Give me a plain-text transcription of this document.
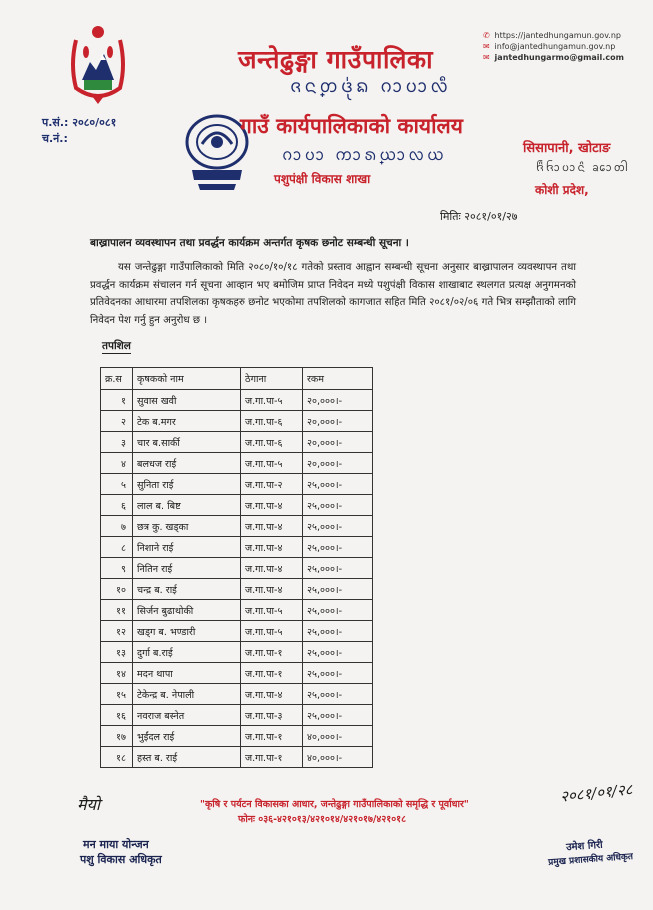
जन्तेढुङ्गा गाउँपालिका
ᨩᨶ᩠ᨲᨴᩩ᩵ᨦ ᨣᩣᨷᩣᩃᩥ
गाउँ कार्यपालिकाको कार्यालय
ᨣᩣᨷᩣ ᨠᩣᩁ᩠ᨿᩣᩃᨿ
पशुपंक्षी विकास शाखा
✆ https://jantedhungamun.gov.np
✉ info@jantedhungamun.gov.np
✉ jantedhungarmo@gmail.com
सिसापानी, खोटाङ
ᨪᩦᨪᩣᨷᩣᨶᩦ ᨡᩮᩣᨲᩤ
कोशी प्रदेश,
प.सं.: २०८०/०८१
च.नं.:
मितिः २०८१/०१/२७
बाख्रापालन व्यवस्थापन तथा प्रवर्द्धन कार्यक्रम अन्तर्गत कृषक छनोट सम्बन्धी सूचना ।
यस जन्तेढुङ्गा गाउँपालिकाको मिति २०८०/१०/१८ गतेको प्रस्ताव आह्वान सम्बन्धी सूचना अनुसार बाख्रापालन व्यवस्थापन तथा प्रवर्द्धन कार्यक्रम संचालन गर्न सूचना आव्हान भए बमोजिम प्राप्त निवेदन मध्ये पशुपंक्षी विकास शाखाबाट स्थलगत प्रत्यक्ष अनुगमनको प्रतिवेदनका आधारमा तपशिलका कृषकहरु छनोट भएकोमा तपशिलको कागजात सहित मिति २०८१/०२/०६ गते भित्र सम्झौताको लागि निवेदन पेश गर्नु हुन अनुरोध छ ।
तपशिल
क्र.स	कृषकको नाम	ठेगाना	रकम
१	सुवास खवी	ज.गा.पा-५	२०,०००।-
२	टेक ब.मगर	ज.गा.पा-६	२०,०००।-
३	चार ब.सार्की	ज.गा.पा-६	२०,०००।-
४	बलधज राई	ज.गा.पा-५	२०,०००।-
५	सुनिता राई	ज.गा.पा-२	२५,०००।-
६	लाल ब. बिष्ट	ज.गा.पा-४	२५,०००।-
७	छत्र कु. खड्का	ज.गा.पा-४	२५,०००।-
८	निशाने राई	ज.गा.पा-४	२५,०००।-
९	नितिन राई	ज.गा.पा-४	२५,०००।-
१०	चन्द्र ब. राई	ज.गा.पा-४	२५,०००।-
११	सिर्जन बुढाथोकी	ज.गा.पा-५	२५,०००।-
१२	खड्ग ब. भण्डारी	ज.गा.पा-५	२५,०००।-
१३	दुर्गा ब.राई	ज.गा.पा-१	२५,०००।-
१४	मदन थापा	ज.गा.पा-१	२५,०००।-
१५	टेकेन्द्र ब. नेपाली	ज.गा.पा-४	२५,०००।-
१६	नवराज बस्नेत	ज.गा.पा-३	२५,०००।-
१७	भुईंदल राई	ज.गा.पा-१	४०,०००।-
१८	हस्त ब. राई	ज.गा.पा-१	४०,०००।-
"कृषि र पर्यटन विकासका आधार, जन्तेढुङ्गा गाउँपालिकाको समृद्धि र पूर्वाधार"
फोनः ०३६-४२१०१३/४२१०१४/४२१०१७/४२१०१८
मैयो
मन माया योन्जन
पशु विकास अधिकृत
२०८१/०१/२८
उमेश गिरी
प्रमुख प्रशासकीय अधिकृत
